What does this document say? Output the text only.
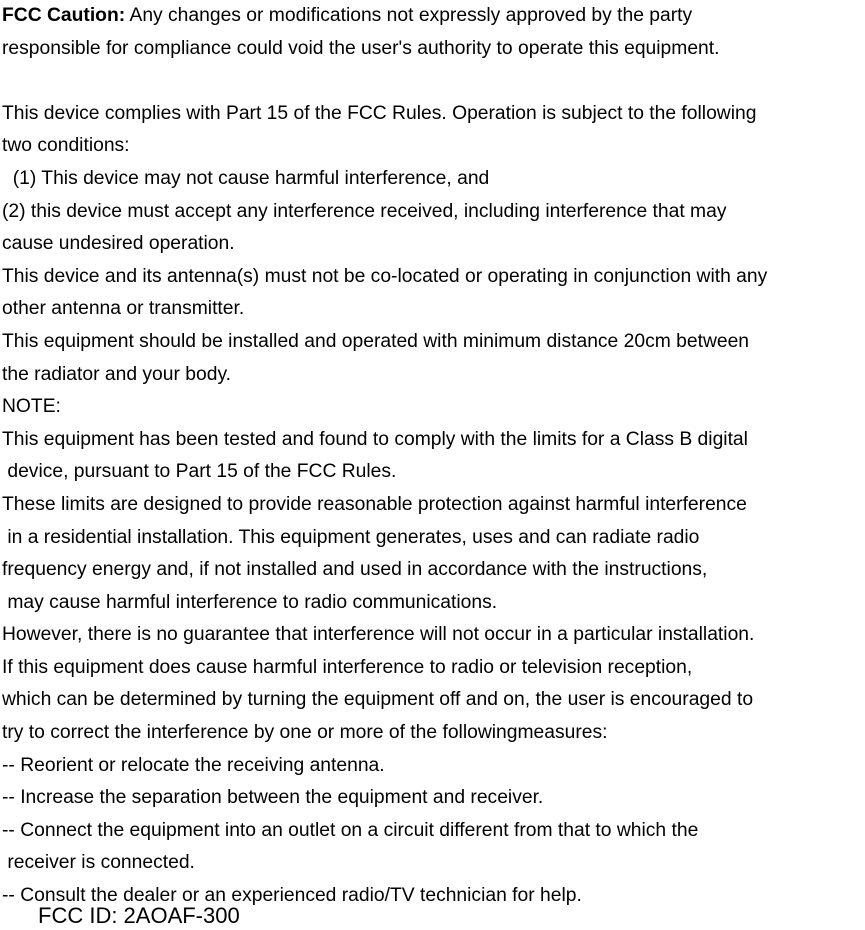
FCC Caution: Any changes or modifications not expressly approved by the party

responsible for compliance could void the user's authority to operate this equipment.

This device complies with Part 15 of the FCC Rules. Operation is subject to the following

two conditions:

(1) This device may not cause harmful interference, and

(2) this device must accept any interference received, including interference that may

cause undesired operation.

This device and its antenna(s) must not be co-located or operating in conjunction with any

other antenna or transmitter.

This equipment should be installed and operated with minimum distance 20cm between

the radiator and your body.

NOTE:

This equipment has been tested and found to comply with the limits for a Class B digital

device, pursuant to Part 15 of the FCC Rules.

These limits are designed to provide reasonable protection against harmful interference

in a residential installation. This equipment generates, uses and can radiate radio

frequency energy and, if not installed and used in accordance with the instructions,

may cause harmful interference to radio communications.

However, there is no guarantee that interference will not occur in a particular installation.

If this equipment does cause harmful interference to radio or television reception,

which can be determined by turning the equipment off and on, the user is encouraged to

try to correct the interference by one or more of the followingmeasures:

-- Reorient or relocate the receiving antenna.

-- Increase the separation between the equipment and receiver.

-- Connect the equipment into an outlet on a circuit different from that to which the

receiver is connected.

-- Consult the dealer or an experienced radio/TV technician for help.

FCC ID: 2AOAF-300
